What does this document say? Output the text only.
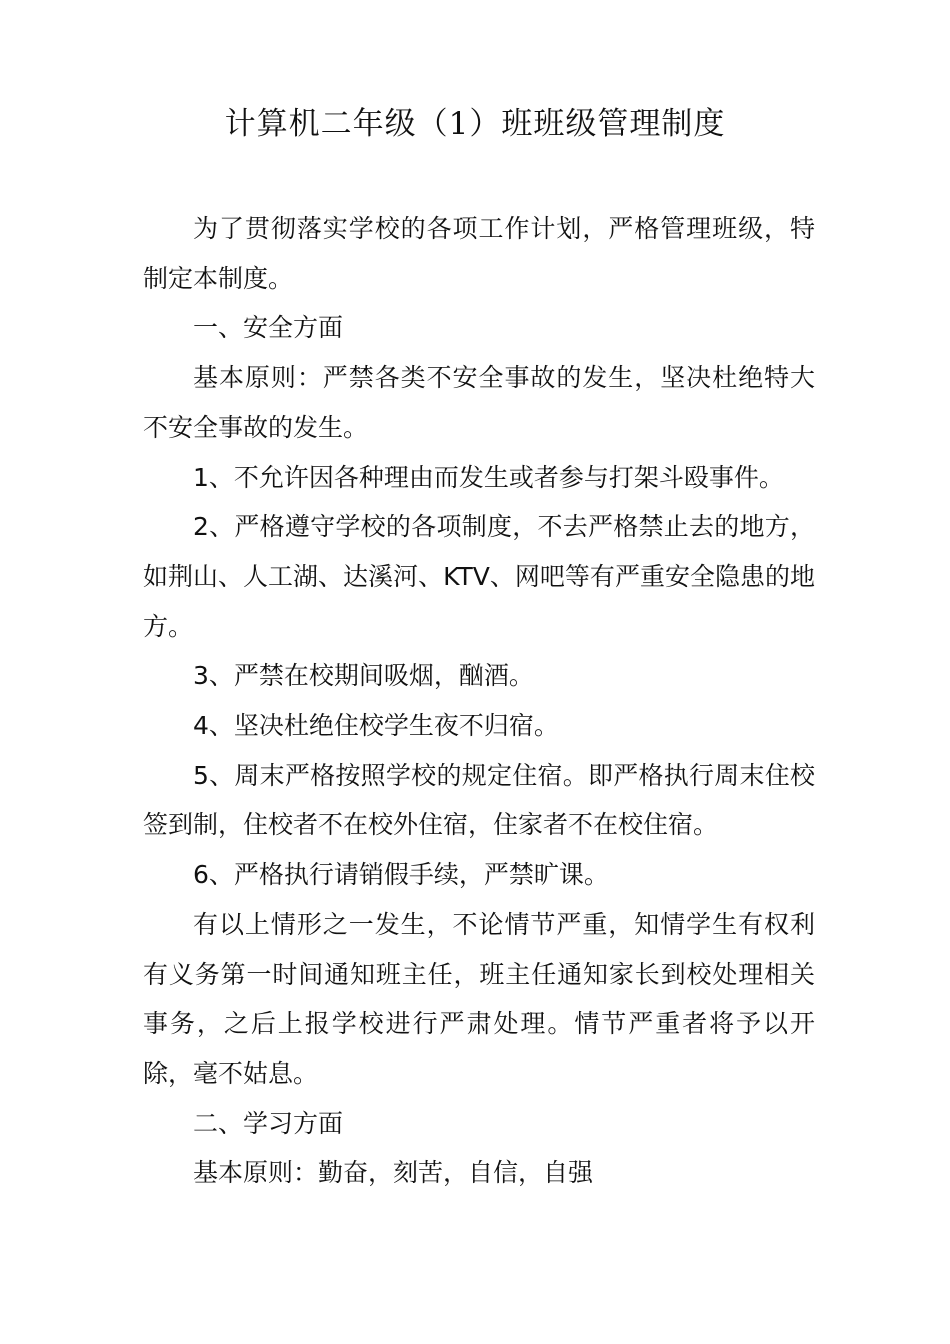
计算机二年级（1）班班级管理制度

为了贯彻落实学校的各项工作计划，严格管理班级，特制定本制度。

一、安全方面

基本原则：严禁各类不安全事故的发生，坚决杜绝特大不安全事故的发生。

1、不允许因各种理由而发生或者参与打架斗殴事件。

2、严格遵守学校的各项制度，不去严格禁止去的地方，如荆山、人工湖、达溪河、KTV、网吧等有严重安全隐患的地方。

3、严禁在校期间吸烟，酗酒。

4、坚决杜绝住校学生夜不归宿。

5、周末严格按照学校的规定住宿。即严格执行周末住校签到制，住校者不在校外住宿，住家者不在校住宿。

6、严格执行请销假手续，严禁旷课。

有以上情形之一发生，不论情节严重，知情学生有权利有义务第一时间通知班主任，班主任通知家长到校处理相关事务，之后上报学校进行严肃处理。情节严重者将予以开除，毫不姑息。

二、学习方面

基本原则：勤奋，刻苦，自信，自强
